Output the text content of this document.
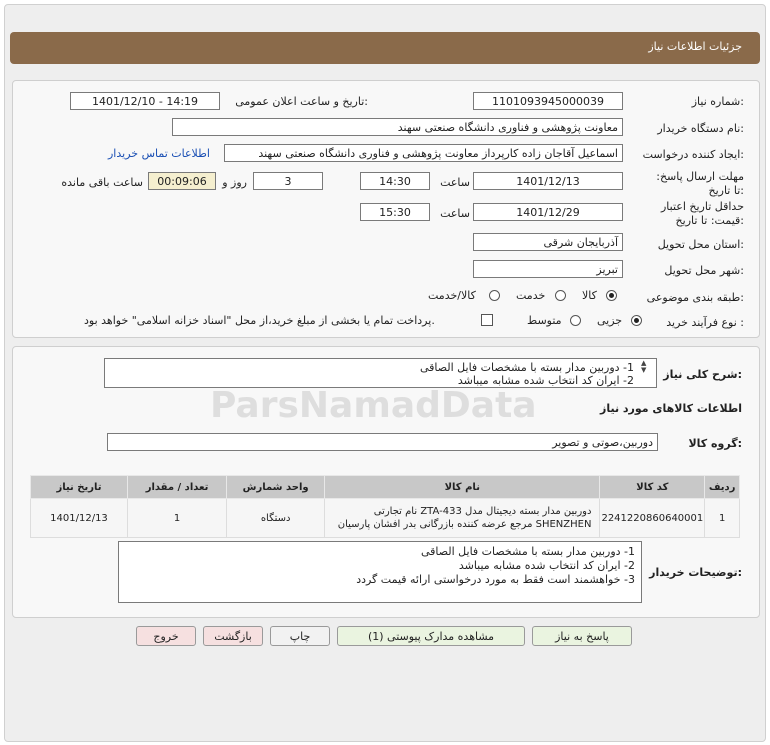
جزئیات اطلاعات نیاز
شماره نیاز:
1101093945000039
تاریخ و ساعت اعلان عمومی:
1401/12/10 - 14:19
نام دستگاه خریدار:
معاونت پژوهشی و فناوری دانشگاه صنعتی سهند
ایجاد کننده درخواست:
اسماعیل آقاجان زاده کارپرداز معاونت پژوهشی و فناوری دانشگاه صنعتی سهند
اطلاعات تماس خریدار
مهلت ارسال پاسخ: تا تاریخ:
1401/12/13
ساعت
14:30
3
روز و
00:09:06
ساعت باقی مانده
حداقل تاریخ اعتبار قیمت: تا تاریخ:
1401/12/29
ساعت
15:30
استان محل تحویل:
آذربایجان شرقی
شهر محل تحویل:
تبریز
طبقه بندی موضوعی:
کالا
خدمت
کالا/خدمت
نوع فرآیند خرید :
جزیی
متوسط
پرداخت تمام یا بخشی از مبلغ خرید،از محل "اسناد خزانه اسلامی" خواهد بود.
شرح کلی نیاز:
1- دوربین مدار بسته با مشخصات فایل الصاقی
2- ایران کد انتخاب شده مشابه میباشد
▲
▼
اطلاعات کالاهای مورد نیاز
گروه کالا:
دوربین،صوتی و تصویر
تاریخ نیاز	تعداد / مقدار	واحد شمارش	نام کالا	کد کالا	ردیف
1401/12/13	1	دستگاه	دوربین مدار بسته دیجیتال مدل ZTA-433 نام تجارتی
SHENZHEN مرجع عرضه کننده بازرگانی بدر افشان پارسیان	2241220860640001	1
توضیحات خریدار:
1- دوربین مدار بسته با مشخصات فایل الصاقی
2- ایران کد انتخاب شده مشابه میباشد
3- خواهشمند است فقط به مورد درخواستی ارائه قیمت گردد
ParsNamadData
پاسخ به نیاز
مشاهده مدارک پیوستی (1)
چاپ
بازگشت
خروج
